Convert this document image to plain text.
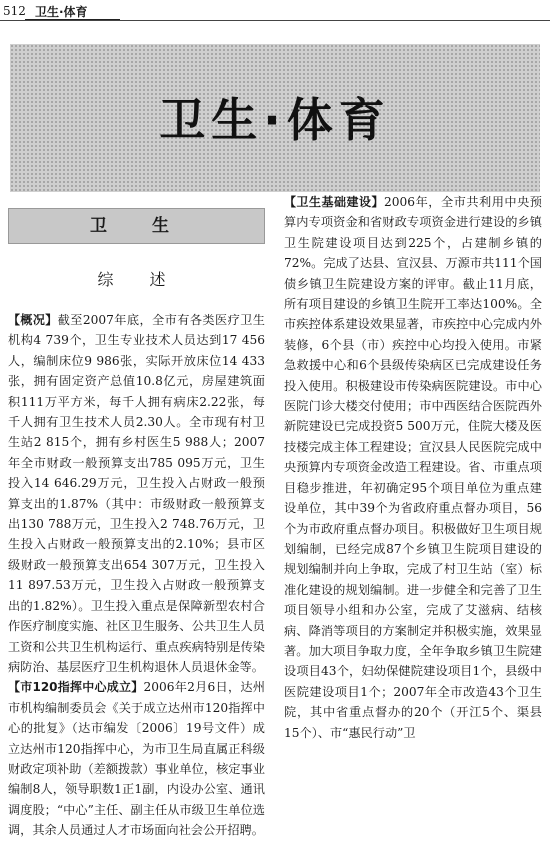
512 卫生·体育
卫生·体育
卫　生
综　述

【概况】截至2007年底，全市有各类医疗卫生机构4 739个，卫生专业技术人员达到17 456人，编制床位9 986张，实际开放床位14 433张，拥有固定资产总值10.8亿元，房屋建筑面积111万平方米，每千人拥有病床2.22张，每千人拥有卫生技术人员2.30人。全市现有村卫生站2 815个，拥有乡村医生5 988人；2007年全市财政一般预算支出785 095万元，卫生投入14 646.29万元，卫生投入占财政一般预算支出的1.87%（其中：市级财政一般预算支出130 788万元，卫生投入2 748.76万元，卫生投入占财政一般预算支出的2.10%；县市区级财政一般预算支出654 307万元，卫生投入11 897.53万元，卫生投入占财政一般预算支出的1.82%）。卫生投入重点是保障新型农村合作医疗制度实施、社区卫生服务、公共卫生人员工资和公共卫生机构运行、重点疾病特别是传染病防治、基层医疗卫生机构退休人员退休金等。

【市120指挥中心成立】2006年2月6日，达州市机构编制委员会《关于成立达州市120指挥中心的批复》（达市编发〔2006〕19号文件）成立达州市120指挥中心，为市卫生局直属正科级财政定项补助（差额拨款）事业单位，核定事业编制8人，领导职数1正1副，内设办公室、通讯调度股；“中心”主任、副主任从市级卫生单位选调，其余人员通过人才市场面向社会公开招聘。

【卫生基础建设】2006年，全市共利用中央预算内专项资金和省财政专项资金进行建设的乡镇卫生院建设项目达到225个，占建制乡镇的72%。完成了达县、宣汉县、万源市共111个国债乡镇卫生院建设方案的评审。截止11月底，所有项目建设的乡镇卫生院开工率达100%。全市疾控体系建设效果显著，市疾控中心完成内外装修，6个县（市）疾控中心均投入使用。市紧急救援中心和6个县级传染病区已完成建设任务投入使用。积极建设市传染病医院建设。市中心医院门诊大楼交付使用；市中西医结合医院西外新院建设已完成投资5 500万元，住院大楼及医技楼完成主体工程建设；宣汉县人民医院完成中央预算内专项资金改造工程建设。省、市重点项目稳步推进，年初确定95个项目单位为重点建设单位，其中39个为省政府重点督办项目，56个为市政府重点督办项目。积极做好卫生项目规划编制，已经完成87个乡镇卫生院项目建设的规划编制并向上争取，完成了村卫生站（室）标准化建设的规划编制。进一步健全和完善了卫生项目领导小组和办公室，完成了艾滋病、结核病、降消等项目的方案制定并积极实施，效果显著。加大项目争取力度，全年争取乡镇卫生院建设项目43个，妇幼保健院建设项目1个，县级中医院建设项目1个；2007年全市改造43个卫生院，其中省重点督办的20个（开江5个、渠县15个）、市“惠民行动”卫
